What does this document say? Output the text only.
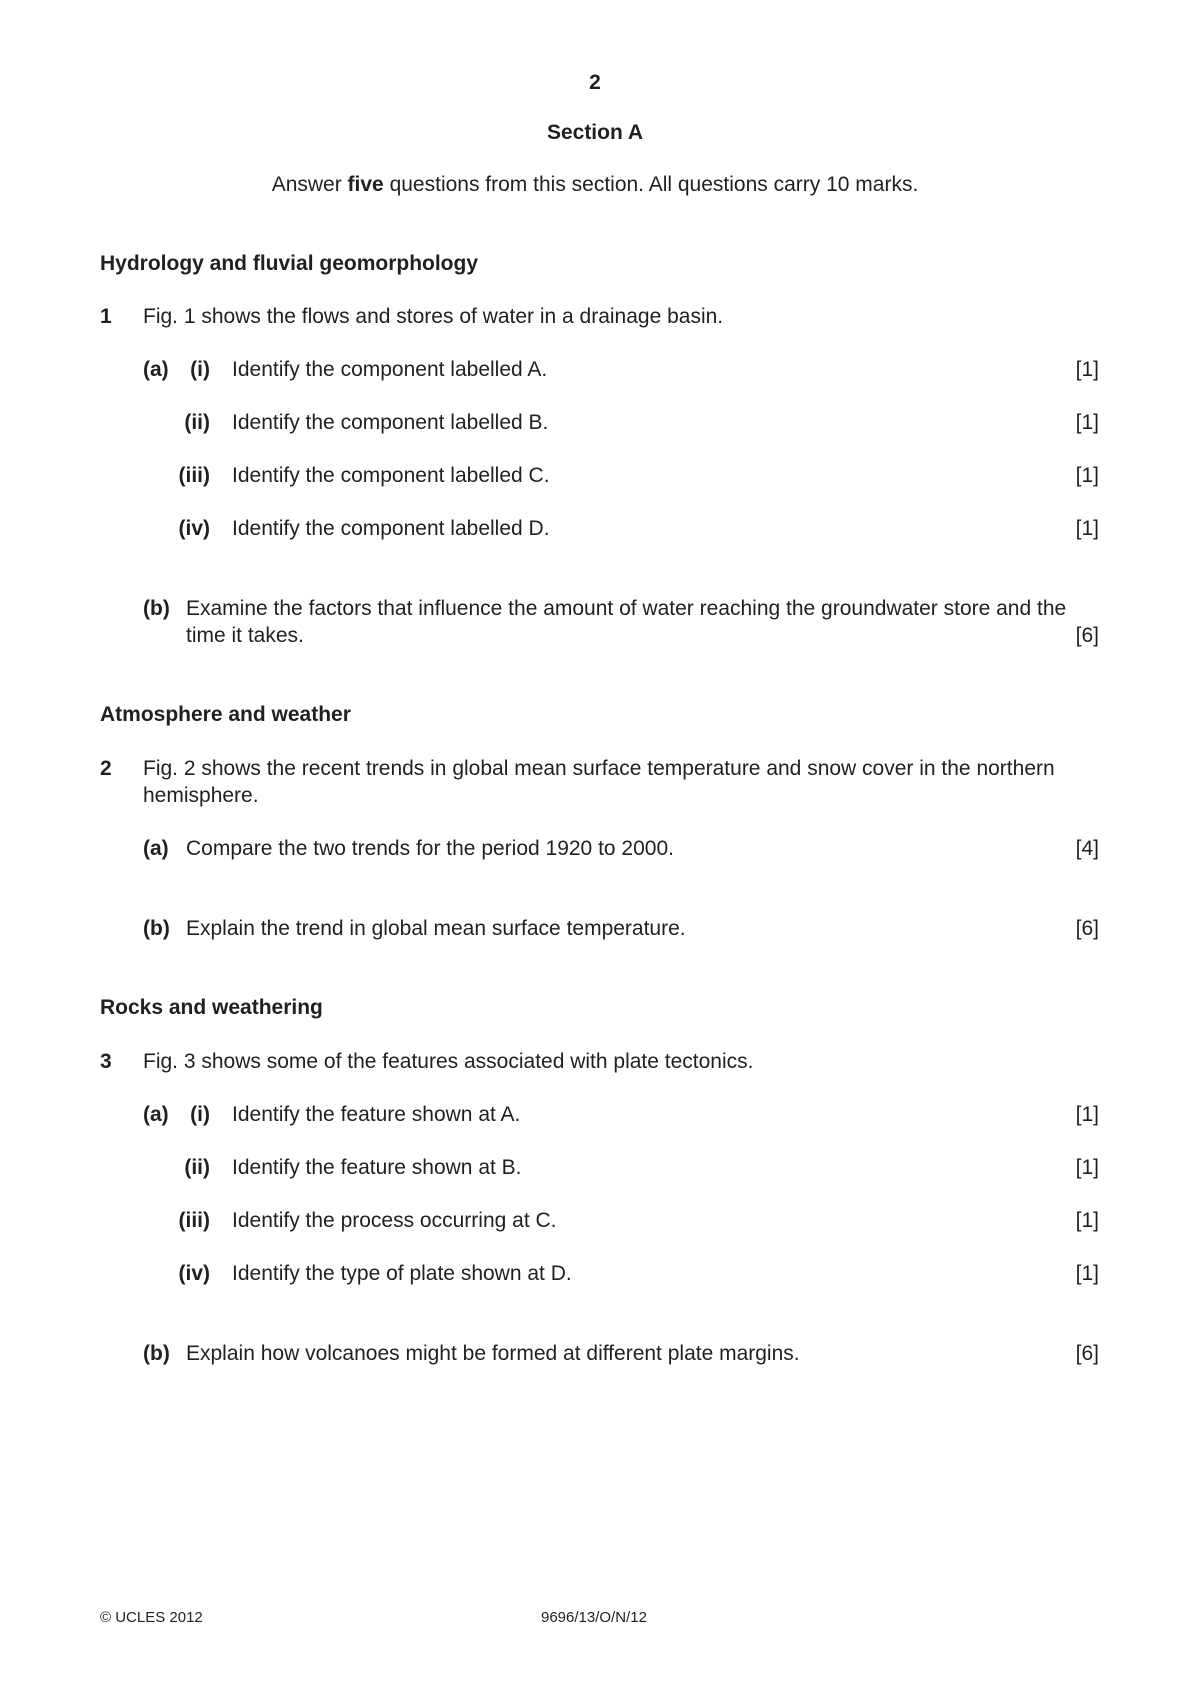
2
Section A
Answer five questions from this section. All questions carry 10 marks.
Hydrology and fluvial geomorphology
1 Fig. 1 shows the flows and stores of water in a drainage basin.
(a)	(i) Identify the component labelled A.	[1]
(ii) Identify the component labelled B.	[1]
(iii) Identify the component labelled C.	[1]
(iv) Identify the component labelled D.	[1]
(b) Examine the factors that influence the amount of water reaching the groundwater store and the
time it takes.	[6]
Atmosphere and weather
2 Fig. 2 shows the recent trends in global mean surface temperature and snow cover in the northern
hemisphere.
(a) Compare the two trends for the period 1920 to 2000.	[4]
(b) Explain the trend in global mean surface temperature.	[6]
Rocks and weathering
3 Fig. 3 shows some of the features associated with plate tectonics.
(a)	(i) Identify the feature shown at A.	[1]
(ii) Identify the feature shown at B.	[1]
(iii) Identify the process occurring at C.	[1]
(iv) Identify the type of plate shown at D.	[1]
(b) Explain how volcanoes might be formed at different plate margins.	[6]
© UCLES 2012	9696/13/O/N/12
